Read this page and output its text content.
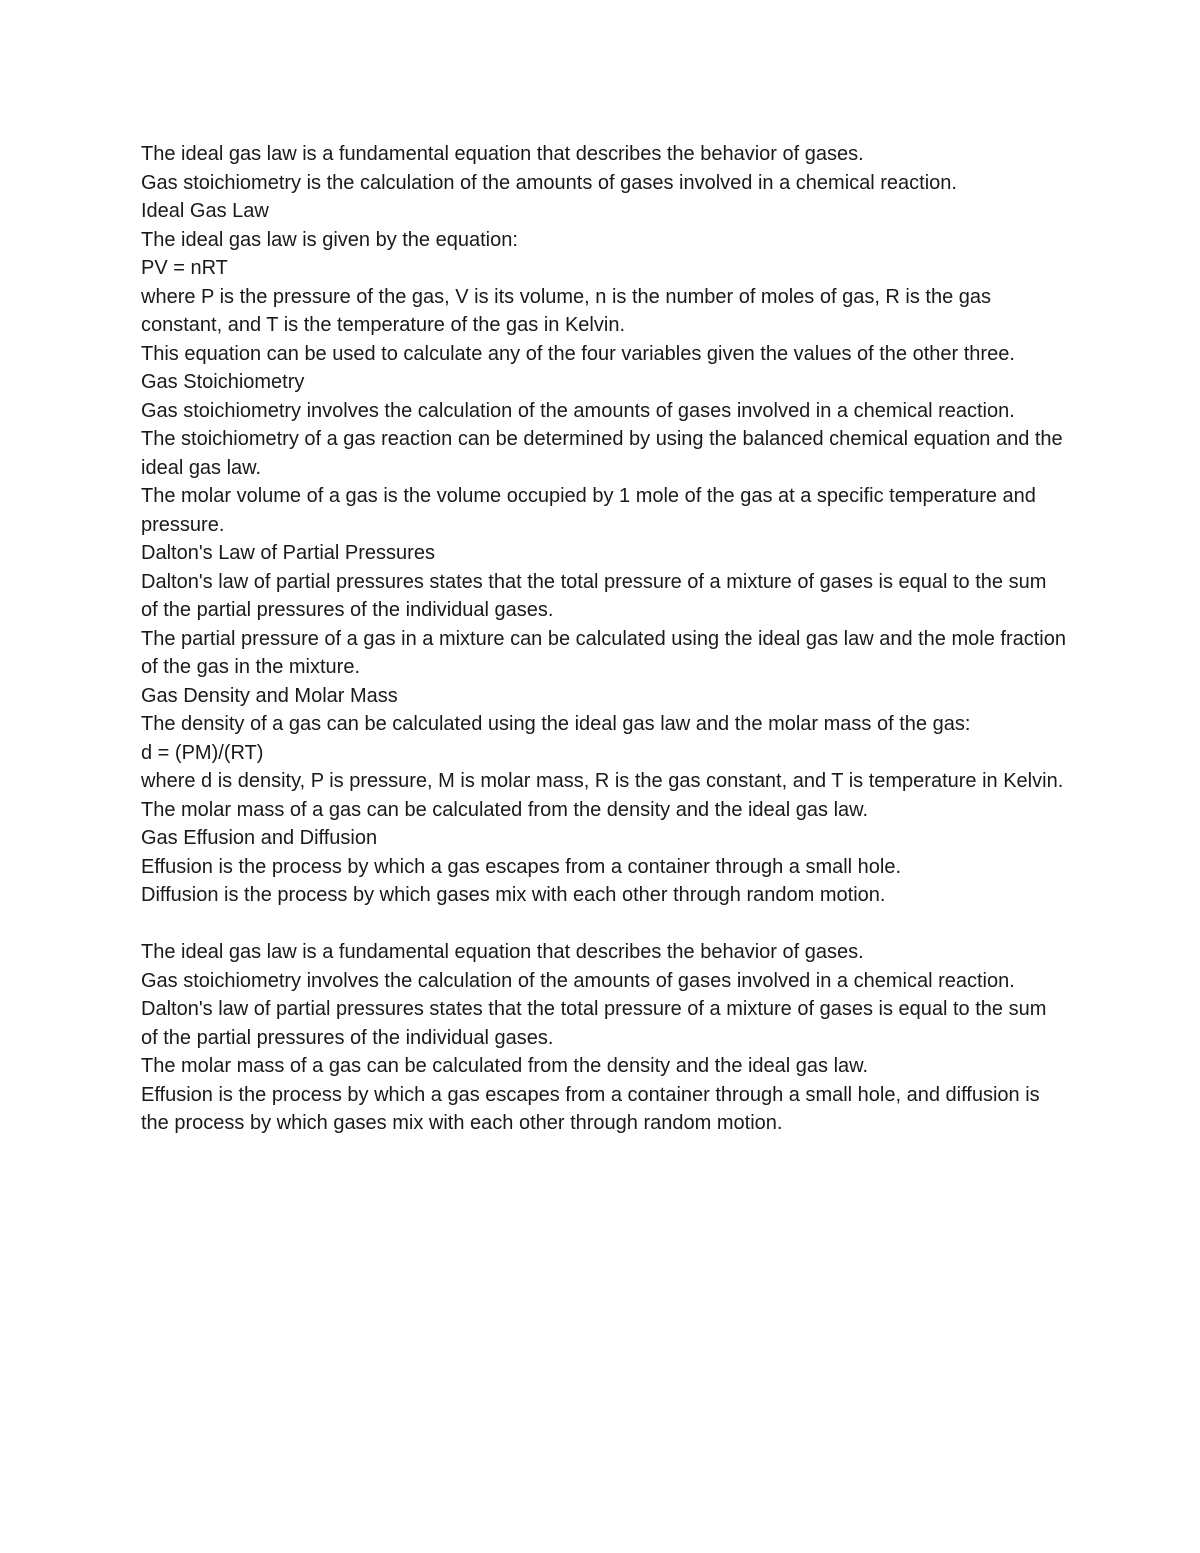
The ideal gas law is a fundamental equation that describes the behavior of gases.

Gas stoichiometry is the calculation of the amounts of gases involved in a chemical reaction.

Ideal Gas Law

The ideal gas law is given by the equation:

PV = nRT

where P is the pressure of the gas, V is its volume, n is the number of moles of gas, R is the gas constant, and T is the temperature of the gas in Kelvin.

This equation can be used to calculate any of the four variables given the values of the other three.

Gas Stoichiometry

Gas stoichiometry involves the calculation of the amounts of gases involved in a chemical reaction.

The stoichiometry of a gas reaction can be determined by using the balanced chemical equation and the ideal gas law.

The molar volume of a gas is the volume occupied by 1 mole of the gas at a specific temperature and pressure.

Dalton's Law of Partial Pressures

Dalton's law of partial pressures states that the total pressure of a mixture of gases is equal to the sum of the partial pressures of the individual gases.

The partial pressure of a gas in a mixture can be calculated using the ideal gas law and the mole fraction of the gas in the mixture.

Gas Density and Molar Mass

The density of a gas can be calculated using the ideal gas law and the molar mass of the gas:

d = (PM)/(RT)

where d is density, P is pressure, M is molar mass, R is the gas constant, and T is temperature in Kelvin.

The molar mass of a gas can be calculated from the density and the ideal gas law.

Gas Effusion and Diffusion

Effusion is the process by which a gas escapes from a container through a small hole.

Diffusion is the process by which gases mix with each other through random motion.

The ideal gas law is a fundamental equation that describes the behavior of gases.

Gas stoichiometry involves the calculation of the amounts of gases involved in a chemical reaction.

Dalton's law of partial pressures states that the total pressure of a mixture of gases is equal to the sum of the partial pressures of the individual gases.

The molar mass of a gas can be calculated from the density and the ideal gas law.

Effusion is the process by which a gas escapes from a container through a small hole, and diffusion is the process by which gases mix with each other through random motion.
